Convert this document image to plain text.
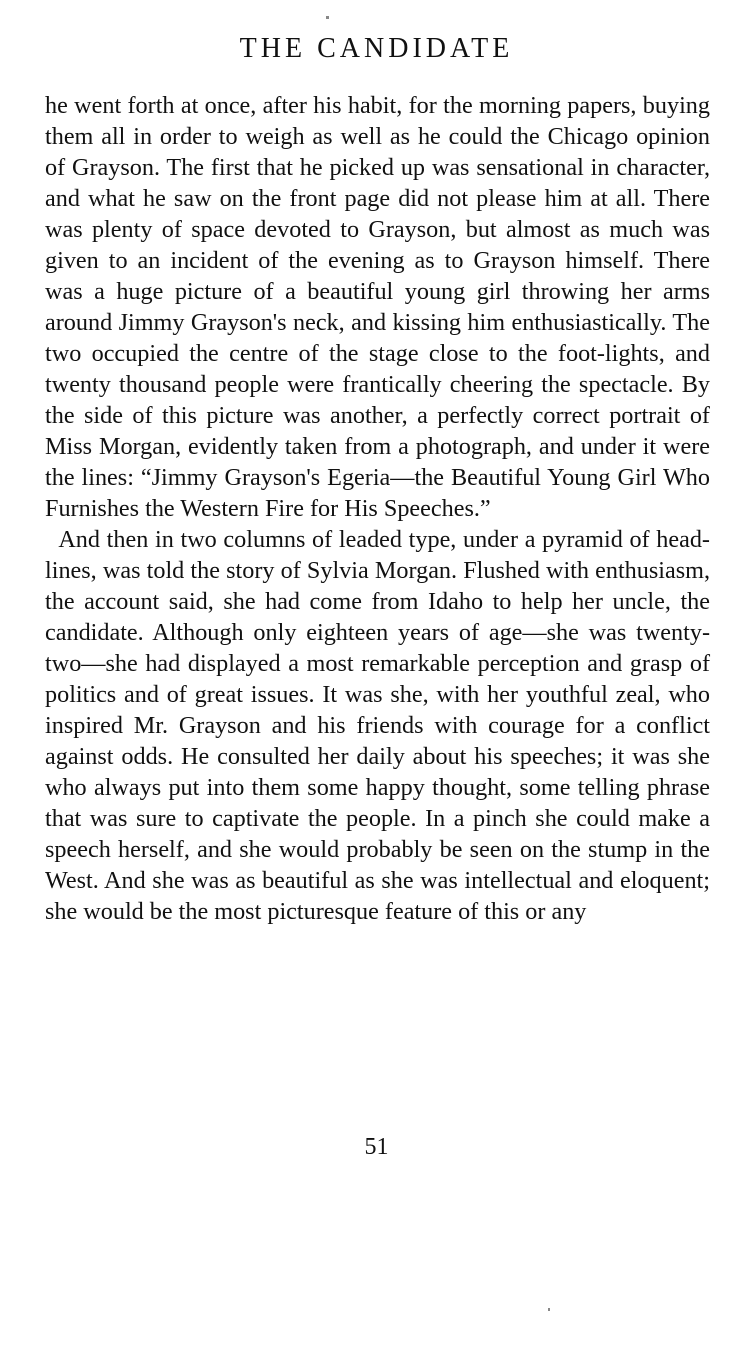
THE CANDIDATE

he went forth at once, after his habit, for the morning papers, buying them all in order to weigh as well as he could the Chicago opinion of Grayson. The first that he picked up was sensational in character, and what he saw on the front page did not please him at all. There was plenty of space devoted to Grayson, but almost as much was given to an incident of the evening as to Grayson himself. There was a huge picture of a beautiful young girl throwing her arms around Jimmy Grayson's neck, and kissing him enthusiastically. The two occupied the centre of the stage close to the foot-lights, and twenty thousand people were frantically cheering the spectacle. By the side of this picture was another, a perfectly correct portrait of Miss Morgan, evidently taken from a photograph, and under it were the lines: “Jimmy Grayson's Egeria—the Beautiful Young Girl Who Furnishes the Western Fire for His Speeches.”

And then in two columns of leaded type, under a pyramid of head-lines, was told the story of Sylvia Morgan. Flushed with enthusiasm, the account said, she had come from Idaho to help her uncle, the candidate. Although only eighteen years of age—she was twenty-two—she had displayed a most remarkable perception and grasp of politics and of great issues. It was she, with her youthful zeal, who inspired Mr. Grayson and his friends with courage for a conflict against odds. He consulted her daily about his speeches; it was she who always put into them some happy thought, some telling phrase that was sure to captivate the people. In a pinch she could make a speech herself, and she would probably be seen on the stump in the West. And she was as beautiful as she was intellectual and eloquent; she would be the most picturesque feature of this or any

51
